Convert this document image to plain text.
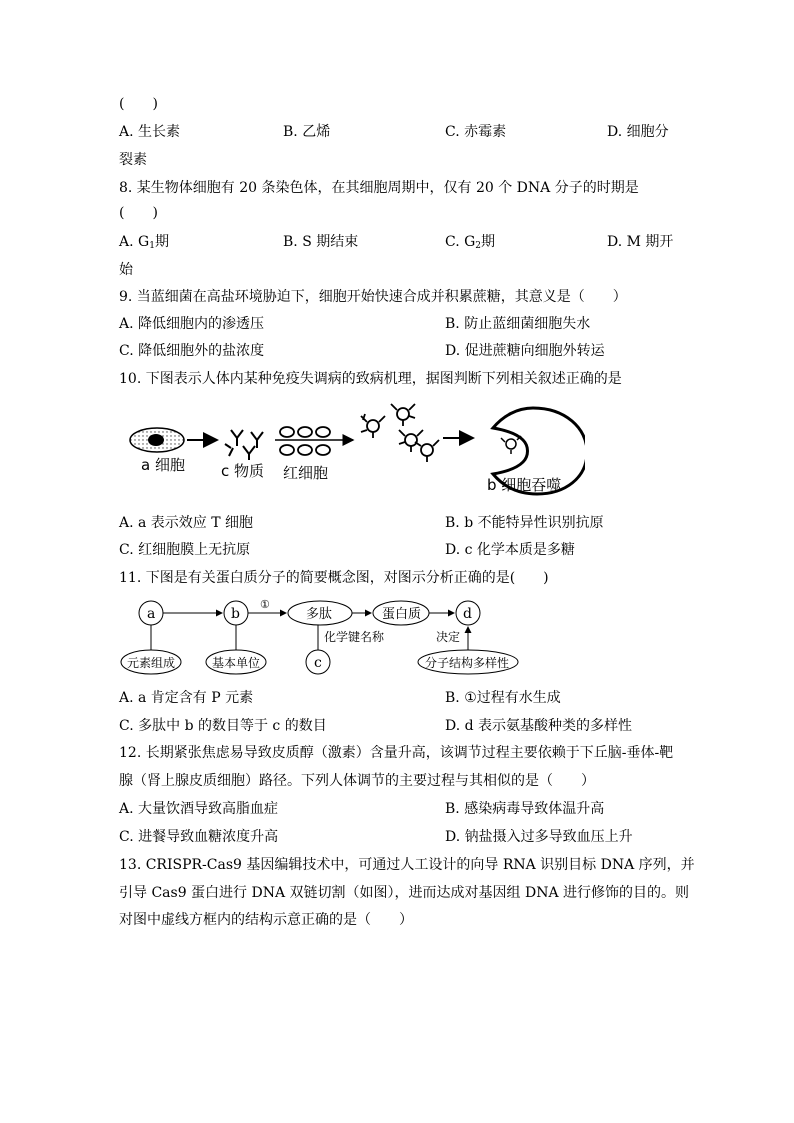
(　　)
A. 生长素	B. 乙烯	C. 赤霉素	D. 细胞分
裂素
8. 某生物体细胞有 20 条染色体，在其细胞周期中，仅有 20 个 DNA 分子的时期是
(　　)
A. $G_1$期	B. S 期结束	C. $G_2$期	D. M 期开
始
9. 当蓝细菌在高盐环境胁迫下，细胞开始快速合成并积累蔗糖，其意义是（　　）
A. 降低细胞内的渗透压	B. 防止蓝细菌细胞失水
C. 降低细胞外的盐浓度	D. 促进蔗糖向细胞外转运
10. 下图表示人体内某种免疫失调病的致病机理，据图判断下列相关叙述正确的是
a 细胞 c 物质 红细胞
b 细胞吞噬
A. a 表示效应 T 细胞	B. b 不能特异性识别抗原
C. 红细胞膜上无抗原	D. c 化学本质是多糖
11. 下图是有关蛋白质分子的简要概念图，对图示分析正确的是(　　)
a	b	d
c
①
多肽	蛋白质
元素组成	基本单位
化学键名称	决定
分子结构多样性
A. a 肯定含有 P 元素	B. ①过程有水生成
C. 多肽中 b 的数目等于 c 的数目	D. d 表示氨基酸种类的多样性
12. 长期紧张焦虑易导致皮质醇（激素）含量升高，该调节过程主要依赖于下丘脑-垂体-靶
腺（肾上腺皮质细胞）路径。下列人体调节的主要过程与其相似的是（　　）
A. 大量饮酒导致高脂血症	B. 感染病毒导致体温升高
C. 进餐导致血糖浓度升高	D. 钠盐摄入过多导致血压上升
13. CRISPR-Cas9 基因编辑技术中，可通过人工设计的向导 RNA 识别目标 DNA 序列，并
引导 Cas9 蛋白进行 DNA 双链切割（如图），进而达成对基因组 DNA 进行修饰的目的。则
对图中虚线方框内的结构示意正确的是（　　）
